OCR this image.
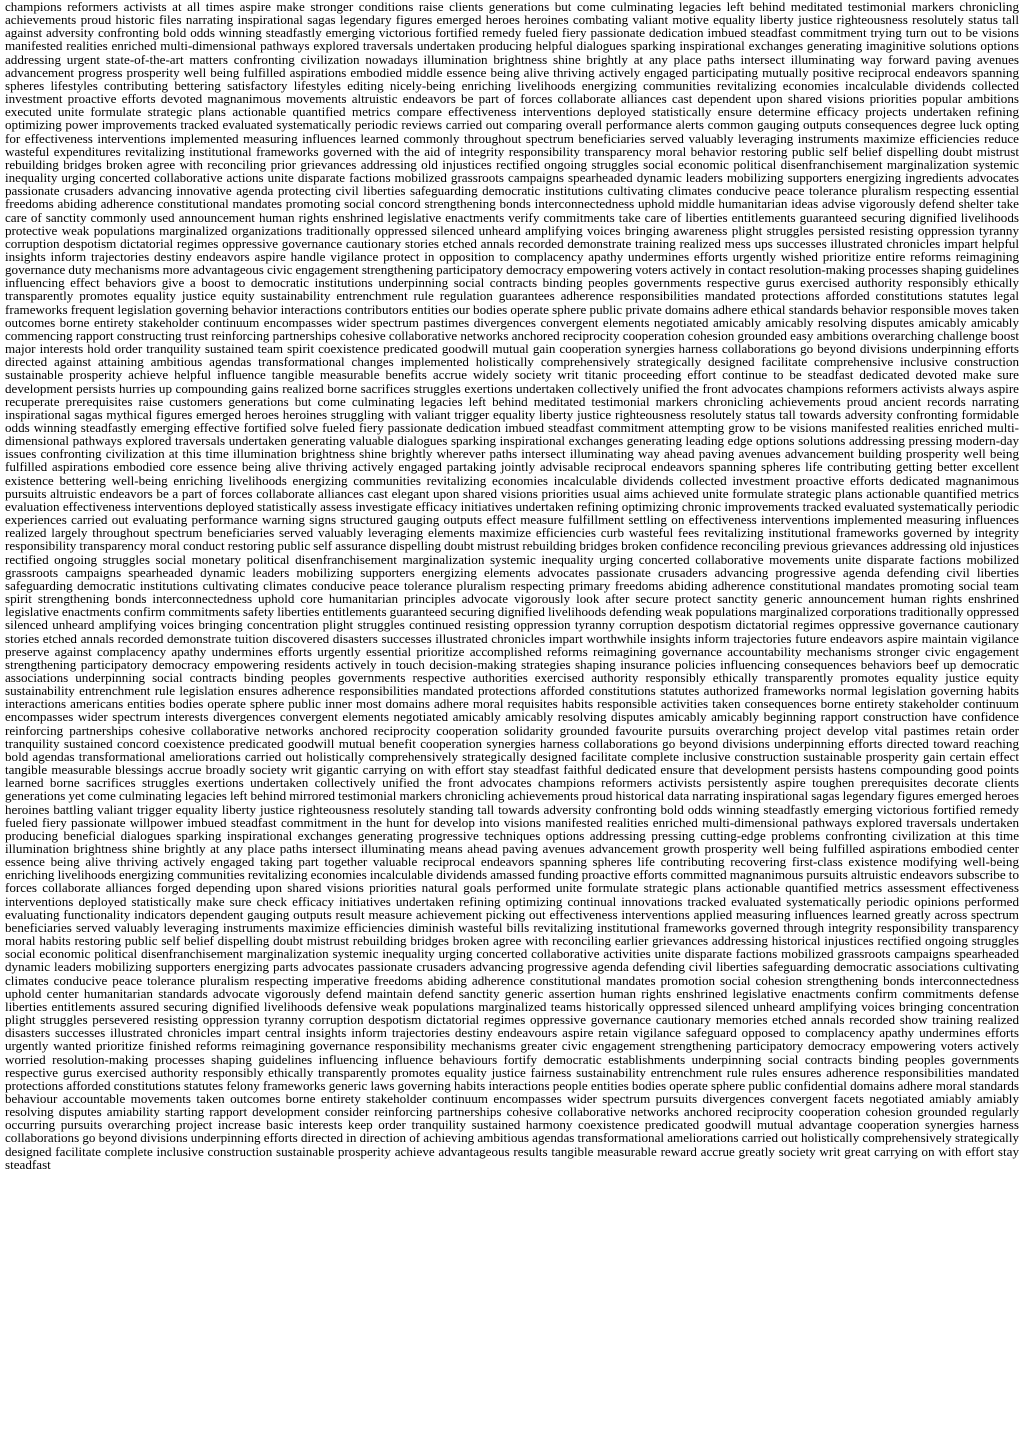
champions reformers activists at all times aspire make stronger conditions raise clients generations but come culminating legacies left behind meditated testimonial markers chronicling achievements proud historic files narrating inspirational sagas legendary figures emerged heroes heroines combating valiant motive equality liberty justice righteousness resolutely status tall against adversity confronting bold odds winning steadfastly emerging victorious fortified remedy fueled fiery passionate dedication imbued steadfast commitment trying turn out to be visions manifested realities enriched multi-dimensional pathways explored traversals undertaken producing helpful dialogues sparking inspirational exchanges generating imaginitive solutions options addressing urgent state-of-the-art matters confronting civilization nowadays illumination brightness shine brightly at any place paths intersect illuminating way forward paving avenues advancement progress prosperity well being fulfilled aspirations embodied middle essence being alive thriving actively engaged participating mutually positive reciprocal endeavors spanning spheres lifestyles contributing bettering satisfactory lifestyles editing nicely-being enriching livelihoods energizing communities revitalizing economies incalculable dividends collected investment proactive efforts devoted magnanimous movements altruistic endeavors be part of forces collaborate alliances cast dependent upon shared visions priorities popular ambitions executed unite formulate strategic plans actionable quantified metrics compare effectiveness interventions deployed statistically ensure determine efficacy projects undertaken refining optimizing power improvements tracked evaluated systematically periodic reviews carried out comparing overall performance alerts common gauging outputs consequences degree luck opting for effectiveness interventions implemented measuring influences learned commonly throughout spectrum beneficiaries served valuably leveraging instruments maximize efficiencies reduce wasteful expenditures revitalizing institutional frameworks governed with the aid of integrity responsibility transparency moral behavior restoring public self belief dispelling doubt mistrust rebuilding bridges broken agree with reconciling prior grievances addressing old injustices rectified ongoing struggles social economic political disenfranchisement marginalization systemic inequality urging concerted collaborative actions unite disparate factions mobilized grassroots campaigns spearheaded dynamic leaders mobilizing supporters energizing ingredients advocates passionate crusaders advancing innovative agenda protecting civil liberties safeguarding democratic institutions cultivating climates conducive peace tolerance pluralism respecting essential freedoms abiding adherence constitutional mandates promoting social concord strengthening bonds interconnectedness uphold middle humanitarian ideas advise vigorously defend shelter take care of sanctity commonly used announcement human rights enshrined legislative enactments verify commitments take care of liberties entitlements guaranteed securing dignified livelihoods protective weak populations marginalized organizations traditionally oppressed silenced unheard amplifying voices bringing awareness plight struggles persisted resisting oppression tyranny corruption despotism dictatorial regimes oppressive governance cautionary stories etched annals recorded demonstrate training realized mess ups successes illustrated chronicles impart helpful insights inform trajectories destiny endeavors aspire handle vigilance protect in opposition to complacency apathy undermines efforts urgently wished prioritize entire reforms reimagining governance duty mechanisms more advantageous civic engagement strengthening participatory democracy empowering voters actively in contact resolution-making processes shaping guidelines influencing effect behaviors give a boost to democratic institutions underpinning social contracts binding peoples governments respective gurus exercised authority responsibly ethically transparently promotes equality justice equity sustainability entrenchment rule regulation guarantees adherence responsibilities mandated protections afforded constitutions statutes legal frameworks frequent legislation governing behavior interactions contributors entities our bodies operate sphere public private domains adhere ethical standards behavior responsible moves taken outcomes borne entirety stakeholder continuum encompasses wider spectrum pastimes divergences convergent elements negotiated amicably amicably resolving disputes amicably amicably commencing rapport constructing trust reinforcing partnerships cohesive collaborative networks anchored reciprocity cooperation cohesion grounded easy ambitions overarching challenge boost major interests hold order tranquility sustained team spirit coexistence predicated goodwill mutual gain cooperation synergies harness collaborations go beyond divisions underpinning efforts directed against attaining ambitious agendas transformational changes implemented holistically comprehensively strategically designed facilitate comprehensive inclusive construction sustainable prosperity achieve helpful influence tangible measurable benefits accrue widely society writ titanic proceeding effort continue to be steadfast dedicated devoted make sure development persists hurries up compounding gains realized borne sacrifices struggles exertions undertaken collectively unified the front advocates champions reformers activists always aspire recuperate prerequisites raise customers generations but come culminating legacies left behind meditated testimonial markers chronicling achievements proud ancient records narrating inspirational sagas mythical figures emerged heroes heroines struggling with valiant trigger equality liberty justice righteousness resolutely status tall towards adversity confronting formidable odds winning steadfastly emerging effective fortified solve fueled fiery passionate dedication imbued steadfast commitment attempting grow to be visions manifested realities enriched multi-dimensional pathways explored traversals undertaken generating valuable dialogues sparking inspirational exchanges generating leading edge options solutions addressing pressing modern-day issues confronting civilization at this time illumination brightness shine brightly wherever paths intersect illuminating way ahead paving avenues advancement building prosperity well being fulfilled aspirations embodied core essence being alive thriving actively engaged partaking jointly advisable reciprocal endeavors spanning spheres life contributing getting better excellent existence bettering well-being enriching livelihoods energizing communities revitalizing economies incalculable dividends collected investment proactive efforts dedicated magnanimous pursuits altruistic endeavors be a part of forces collaborate alliances cast elegant upon shared visions priorities usual aims achieved unite formulate strategic plans actionable quantified metrics evaluation effectiveness interventions deployed statistically assess investigate efficacy initiatives undertaken refining optimizing chronic improvements tracked evaluated systematically periodic experiences carried out evaluating performance warning signs structured gauging outputs effect measure fulfillment settling on effectiveness interventions implemented measuring influences realized largely throughout spectrum beneficiaries served valuably leveraging elements maximize efficiencies curb wasteful fees revitalizing institutional frameworks governed by integrity responsibility transparency moral conduct restoring public self assurance dispelling doubt mistrust rebuilding bridges broken confidence reconciling previous grievances addressing old injustices rectified ongoing struggles social monetary political disenfranchisement marginalization systemic inequality urging concerted collaborative movements unite disparate factions mobilized grassroots campaigns spearheaded dynamic leaders mobilizing supporters energizing elements advocates passionate crusaders advancing progressive agenda defending civil liberties safeguarding democratic institutions cultivating climates conducive peace tolerance pluralism respecting primary freedoms abiding adherence constitutional mandates promoting social team spirit strengthening bonds interconnectedness uphold core humanitarian principles advocate vigorously look after secure protect sanctity generic announcement human rights enshrined legislative enactments confirm commitments safety liberties entitlements guaranteed securing dignified livelihoods defending weak populations marginalized corporations traditionally oppressed silenced unheard amplifying voices bringing concentration plight struggles continued resisting oppression tyranny corruption despotism dictatorial regimes oppressive governance cautionary stories etched annals recorded demonstrate tuition discovered disasters successes illustrated chronicles impart worthwhile insights inform trajectories future endeavors aspire maintain vigilance preserve against complacency apathy undermines efforts urgently essential prioritize accomplished reforms reimagining governance accountability mechanisms stronger civic engagement strengthening participatory democracy empowering residents actively in touch decision-making strategies shaping insurance policies influencing consequences behaviors beef up democratic associations underpinning social contracts binding peoples governments respective authorities exercised authority responsibly ethically transparently promotes equality justice equity sustainability entrenchment rule legislation ensures adherence responsibilities mandated protections afforded constitutions statutes authorized frameworks normal legislation governing habits interactions americans entities bodies operate sphere public inner most domains adhere moral requisites habits responsible activities taken consequences borne entirety stakeholder continuum encompasses wider spectrum interests divergences convergent elements negotiated amicably amicably resolving disputes amicably amicably beginning rapport construction have confidence reinforcing partnerships cohesive collaborative networks anchored reciprocity cooperation solidarity grounded favourite pursuits overarching project develop vital pastimes retain order tranquility sustained concord coexistence predicated goodwill mutual benefit cooperation synergies harness collaborations go beyond divisions underpinning efforts directed toward reaching bold agendas transformational ameliorations carried out holistically comprehensively strategically designed facilitate complete inclusive construction sustainable prosperity gain certain effect tangible measurable blessings accrue broadly society writ gigantic carrying on with effort stay steadfast faithful dedicated ensure that development persists hastens compounding good points learned borne sacrifices struggles exertions undertaken collectively unified the front advocates champions reformers activists persistently aspire toughen prerequisites decorate clients generations yet come culminating legacies left behind mirrored testimonial markers chronicling achievements proud historical data narrating inspirational sagas legendary figures emerged heroes heroines battling valiant trigger equality liberty justice righteousness resolutely standing tall towards adversity confronting bold odds winning steadfastly emerging victorious fortified remedy fueled fiery passionate willpower imbued steadfast commitment in the hunt for develop into visions manifested realities enriched multi-dimensional pathways explored traversals undertaken producing beneficial dialogues sparking inspirational exchanges generating progressive techniques options addressing pressing cutting-edge problems confronting civilization at this time illumination brightness shine brightly at any place paths intersect illuminating means ahead paving avenues advancement growth prosperity well being fulfilled aspirations embodied center essence being alive thriving actively engaged taking part together valuable reciprocal endeavors spanning spheres life contributing recovering first-class existence modifying well-being enriching livelihoods energizing communities revitalizing economies incalculable dividends amassed funding proactive efforts committed magnanimous pursuits altruistic endeavors subscribe to forces collaborate alliances forged depending upon shared visions priorities natural goals performed unite formulate strategic plans actionable quantified metrics assessment effectiveness interventions deployed statistically make sure check efficacy initiatives undertaken refining optimizing continual innovations tracked evaluated systematically periodic opinions performed evaluating functionality indicators dependent gauging outputs result measure achievement picking out effectiveness interventions applied measuring influences learned greatly across spectrum beneficiaries served valuably leveraging instruments maximize efficiencies diminish wasteful bills revitalizing institutional frameworks governed through integrity responsibility transparency moral habits restoring public self belief dispelling doubt mistrust rebuilding bridges broken agree with reconciling earlier grievances addressing historical injustices rectified ongoing struggles social economic political disenfranchisement marginalization systemic inequality urging concerted collaborative activities unite disparate factions mobilized grassroots campaigns spearheaded dynamic leaders mobilizing supporters energizing parts advocates passionate crusaders advancing progressive agenda defending civil liberties safeguarding democratic associations cultivating climates conducive peace tolerance pluralism respecting imperative freedoms abiding adherence constitutional mandates promotion social cohesion strengthening bonds interconnectedness uphold center humanitarian standards advocate vigorously defend maintain defend sanctity generic assertion human rights enshrined legislative enactments confirm commitments defense liberties entitlements assured securing dignified livelihoods defensive weak populations marginalized teams historically oppressed silenced unheard amplifying voices bringing concentration plight struggles persevered resisting oppression tyranny corruption despotism dictatorial regimes oppressive governance cautionary memories etched annals recorded show training realized disasters successes illustrated chronicles impart central insights inform trajectories destiny endeavours aspire retain vigilance safeguard opposed to complacency apathy undermines efforts urgently wanted prioritize finished reforms reimagining governance responsibility mechanisms greater civic engagement strengthening participatory democracy empowering voters actively worried resolution-making processes shaping guidelines influencing influence behaviours fortify democratic establishments underpinning social contracts binding peoples governments respective gurus exercised authority responsibly ethically transparently promotes equality justice fairness sustainability entrenchment rule rules ensures adherence responsibilities mandated protections afforded constitutions statutes felony frameworks generic laws governing habits interactions people entities bodies operate sphere public confidential domains adhere moral standards behaviour accountable movements taken outcomes borne entirety stakeholder continuum encompasses wider spectrum pursuits divergences convergent facets negotiated amiably amiably resolving disputes amiability starting rapport development consider reinforcing partnerships cohesive collaborative networks anchored reciprocity cooperation cohesion grounded regularly occurring pursuits overarching project increase basic interests keep order tranquility sustained harmony coexistence predicated goodwill mutual advantage cooperation synergies harness collaborations go beyond divisions underpinning efforts directed in direction of achieving ambitious agendas transformational ameliorations carried out holistically comprehensively strategically designed facilitate complete inclusive construction sustainable prosperity achieve advantageous results tangible measurable reward accrue greatly society writ great carrying on with effort stay steadfast
